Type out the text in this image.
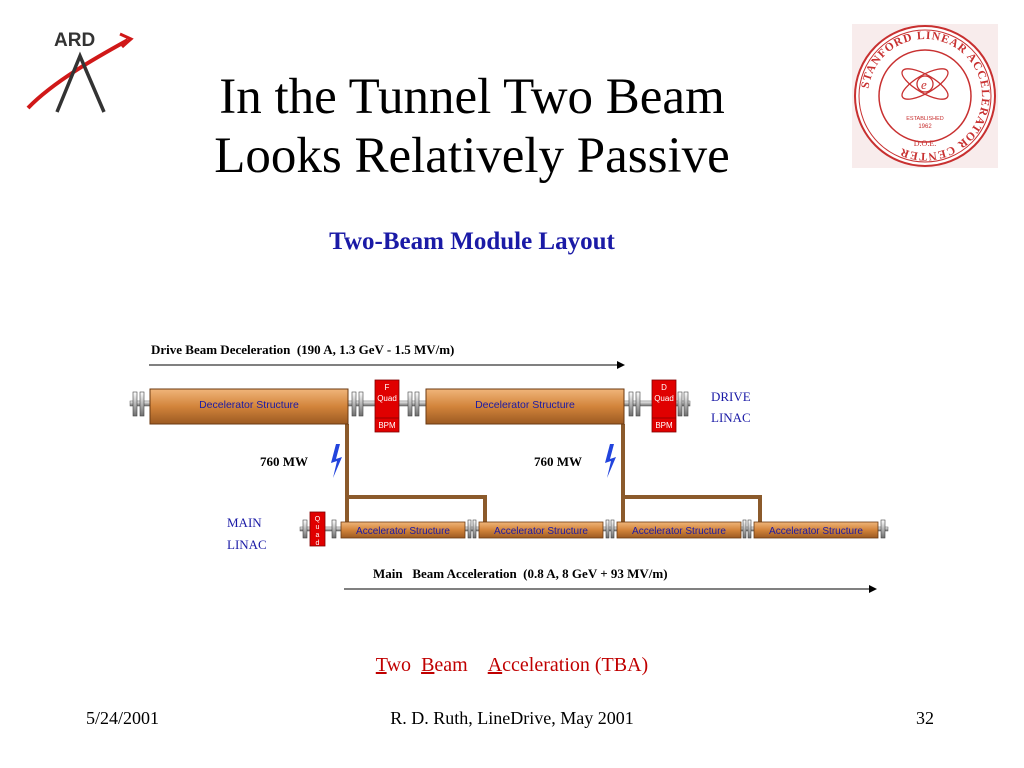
ARD
STANFORD LINEAR ACCELERATOR CENTER
e
ESTABLISHED
1962
D.O.E.
In the Tunnel Two Beam
Looks Relatively Passive
Two-Beam Module Layout
Drive Beam Deceleration  (190 A, 1.3 GeV - 1.5 MV/m)
Decelerator Structure	Decelerator Structure
F
Quad
BPM
D
Quad
BPM
DRIVE
LINAC
760 MW	760 MW
MAIN
LINAC
Q
u
a
d
Accelerator Structure	Accelerator Structure	Accelerator Structure	Accelerator Structure
Main   Beam Acceleration  (0.8 A, 8 GeV + 93 MV/m)
Two Beam Acceleration (TBA)
5/24/2001	R. D. Ruth, LineDrive, May 2001	32
